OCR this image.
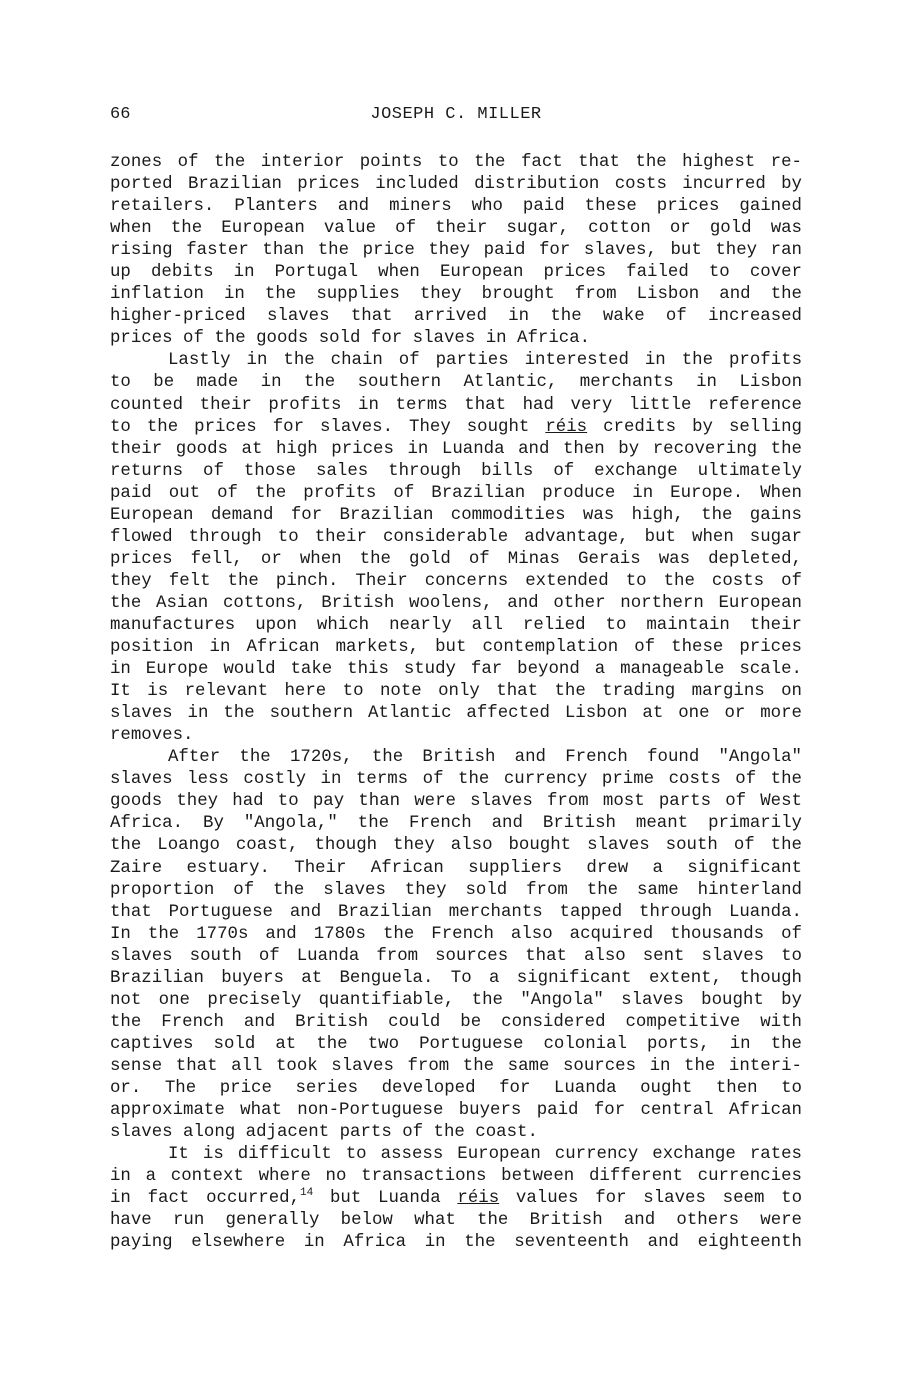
66	JOSEPH C. MILLER

zones of the interior points to the fact that the highest re-
ported Brazilian prices included distribution costs incurred by
retailers. Planters and miners who paid these prices gained
when the European value of their sugar, cotton or gold was
rising faster than the price they paid for slaves, but they ran
up debits in Portugal when European prices failed to cover
inflation in the supplies they brought from Lisbon and the
higher-priced slaves that arrived in the wake of increased
prices of the goods sold for slaves in Africa.

Lastly in the chain of parties interested in the profits
to be made in the southern Atlantic, merchants in Lisbon
counted their profits in terms that had very little reference
to the prices for slaves. They sought réis credits by selling
their goods at high prices in Luanda and then by recovering the
returns of those sales through bills of exchange ultimately
paid out of the profits of Brazilian produce in Europe. When
European demand for Brazilian commodities was high, the gains
flowed through to their considerable advantage, but when sugar
prices fell, or when the gold of Minas Gerais was depleted,
they felt the pinch. Their concerns extended to the costs of
the Asian cottons, British woolens, and other northern European
manufactures upon which nearly all relied to maintain their
position in African markets, but contemplation of these prices
in Europe would take this study far beyond a manageable scale.
It is relevant here to note only that the trading margins on
slaves in the southern Atlantic affected Lisbon at one or more
removes.

After the 1720s, the British and French found "Angola"
slaves less costly in terms of the currency prime costs of the
goods they had to pay than were slaves from most parts of West
Africa. By "Angola," the French and British meant primarily
the Loango coast, though they also bought slaves south of the
Zaire estuary. Their African suppliers drew a significant
proportion of the slaves they sold from the same hinterland
that Portuguese and Brazilian merchants tapped through Luanda.
In the 1770s and 1780s the French also acquired thousands of
slaves south of Luanda from sources that also sent slaves to
Brazilian buyers at Benguela. To a significant extent, though
not one precisely quantifiable, the "Angola" slaves bought by
the French and British could be considered competitive with
captives sold at the two Portuguese colonial ports, in the
sense that all took slaves from the same sources in the interi-
or. The price series developed for Luanda ought then to
approximate what non-Portuguese buyers paid for central African
slaves along adjacent parts of the coast.

It is difficult to assess European currency exchange rates
in a context where no transactions between different currencies
in fact occurred,$^{14}$ but Luanda réis values for slaves seem to
have run generally below what the British and others were
paying elsewhere in Africa in the seventeenth and eighteenth
